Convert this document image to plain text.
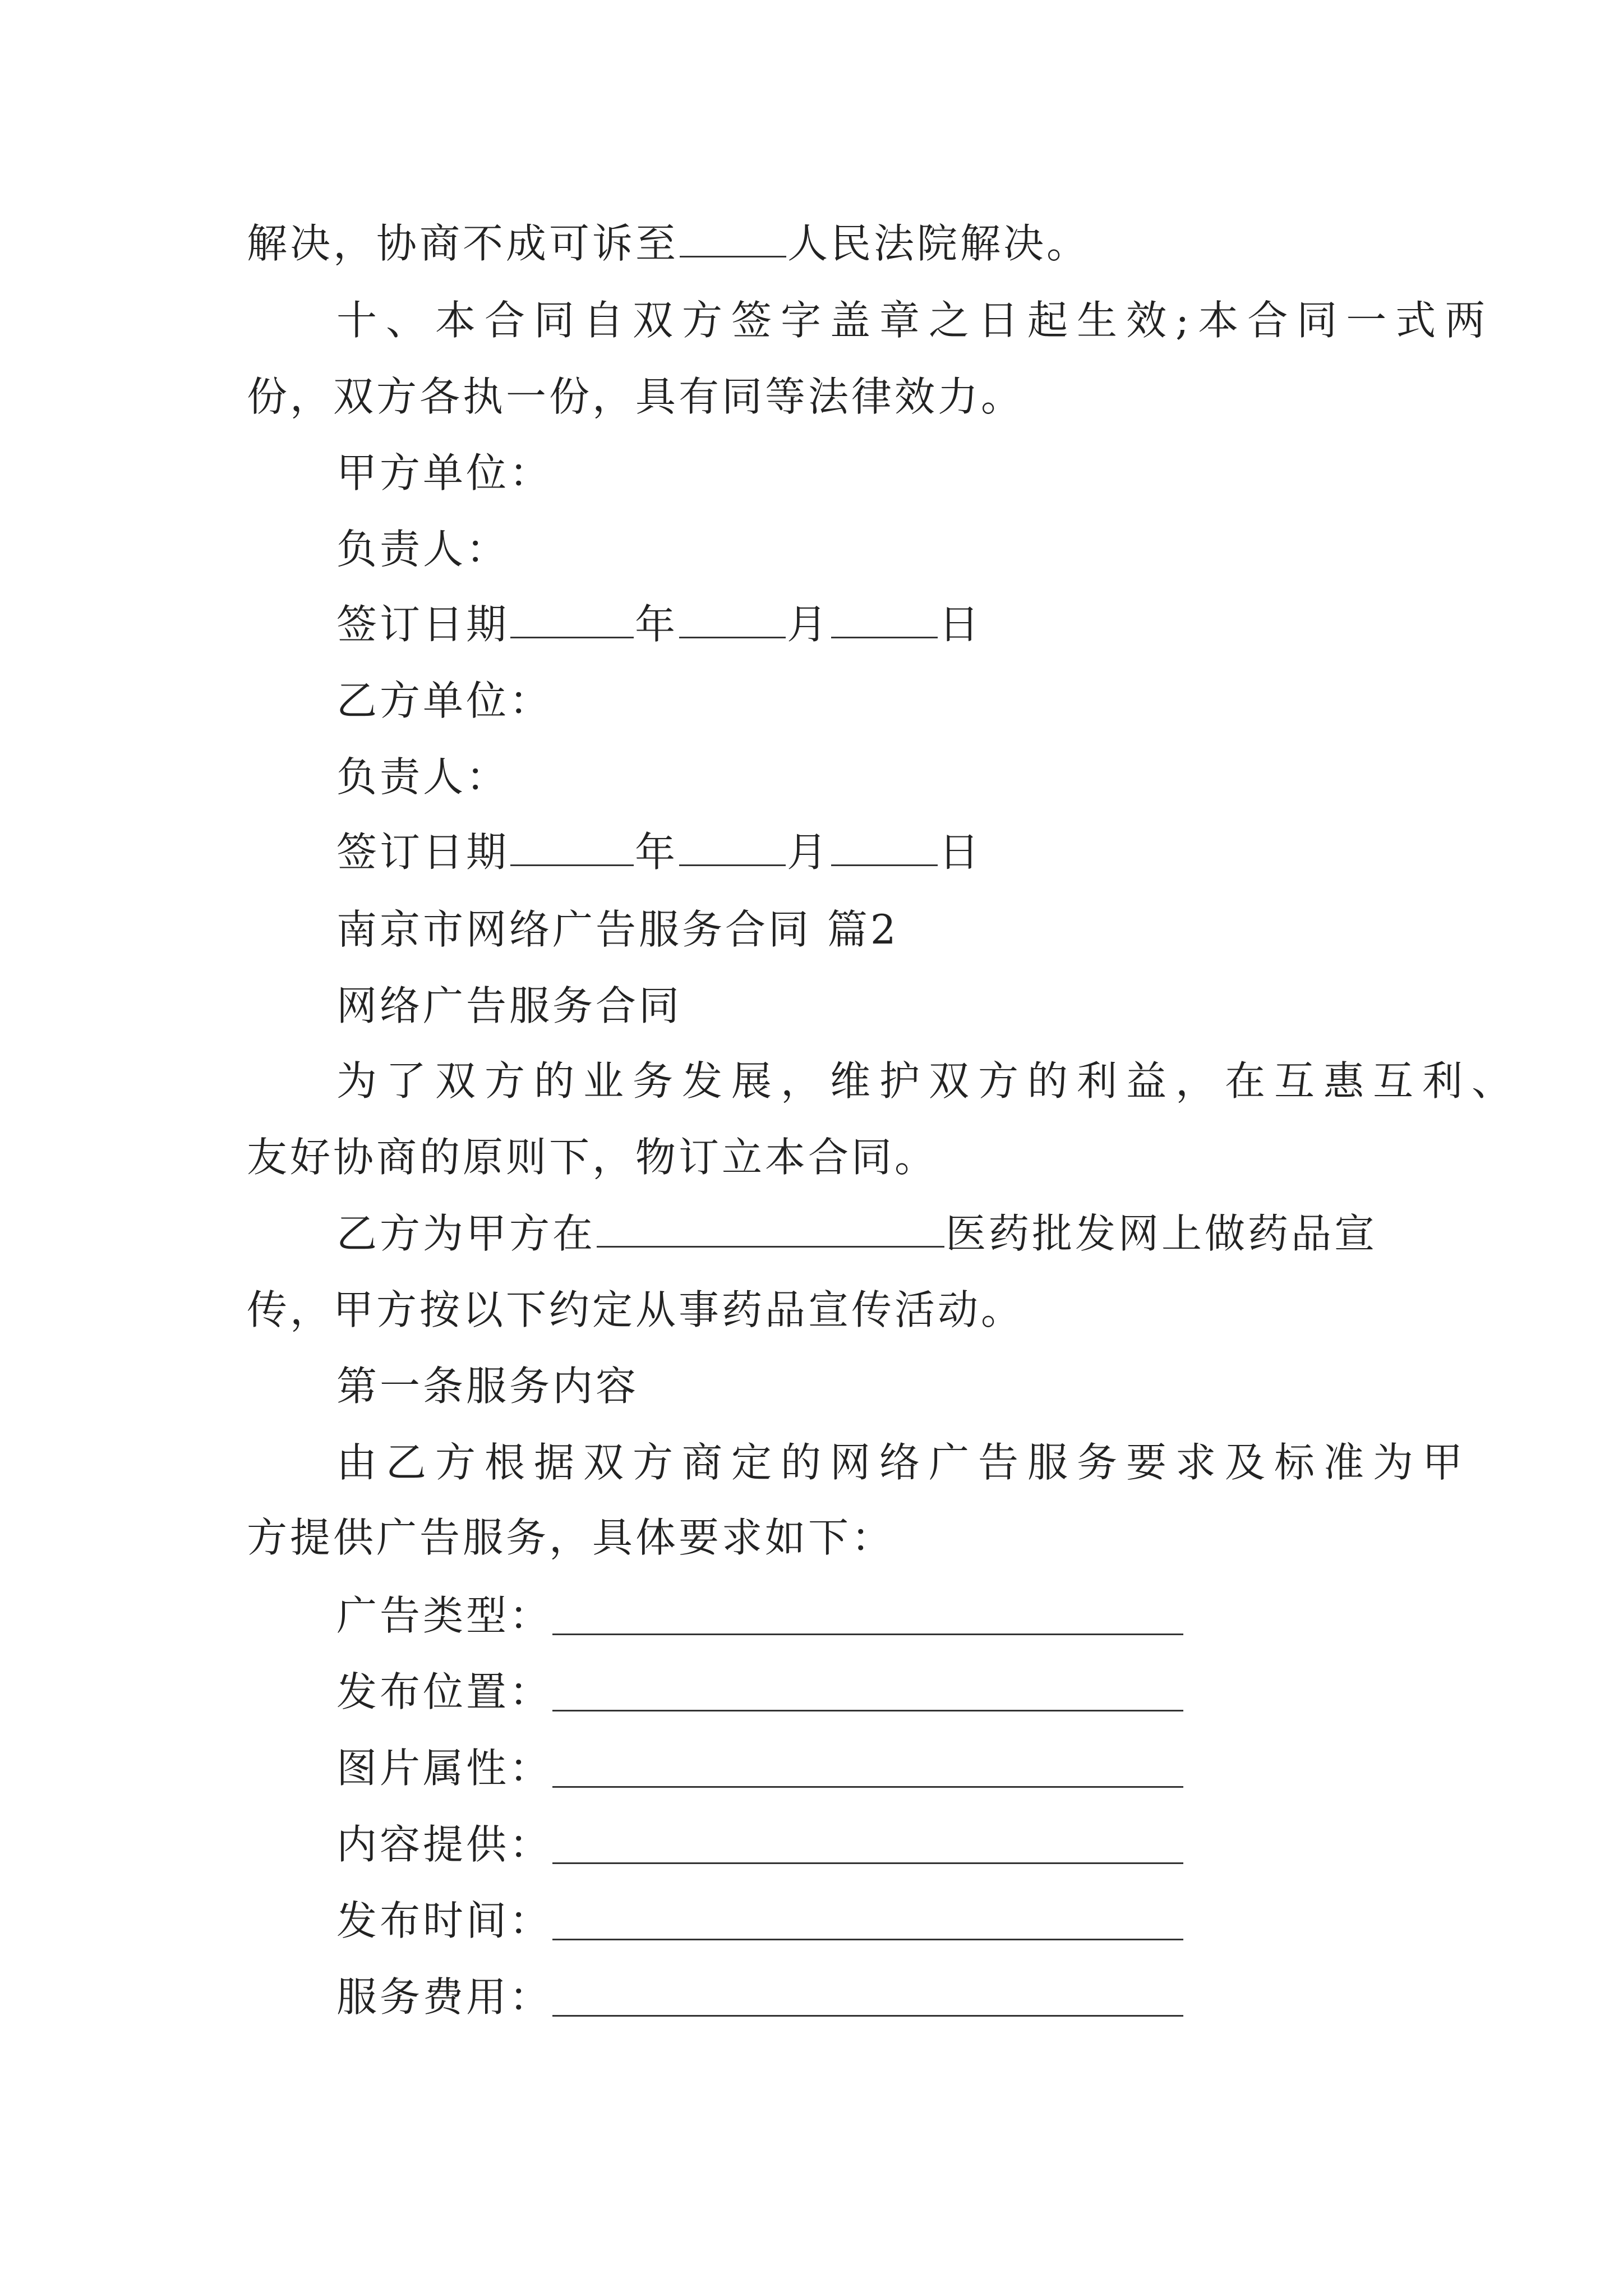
解决，协商不成可诉至	人民法院解决。
十、本合同自双方签字盖章之日起生效;本合同一式两
份，双方各执一份，具有同等法律效力。
甲方单位：
负责人：
签订日期	年	月	日
乙方单位：
负责人：
签订日期	年	月	日
南京市网络广告服务合同 篇2
网络广告服务合同
为了双方的业务发展，维护双方的利益，在互惠互利、
友好协商的原则下，物订立本合同。
乙方为甲方在	医药批发网上做药品宣
传，甲方按以下约定从事药品宣传活动。
第一条服务内容
由乙方根据双方商定的网络广告服务要求及标准为甲
方提供广告服务，具体要求如下：
广告类型：
发布位置：
图片属性：
内容提供：
发布时间：
服务费用：
